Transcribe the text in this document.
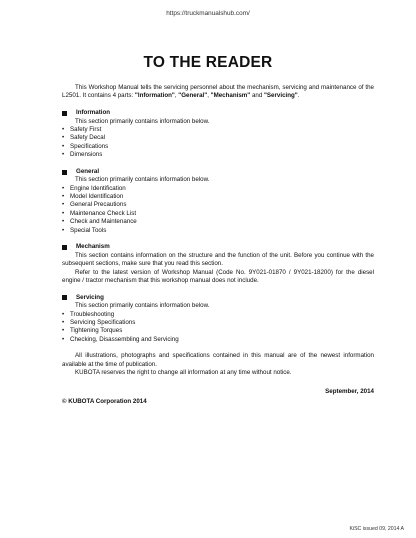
https://truckmanualshub.com/
TO THE READER

This Workshop Manual tells the servicing personnel about the mechanism, servicing and maintenance of the L2501. It contains 4 parts: "Information", "General", "Mechanism" and "Servicing".

Information

This section primarily contains information below.

• Safety First
• Safety Decal
• Specifications
• Dimensions
General

This section primarily contains information below.

• Engine Identification
• Model Identification
• General Precautions
• Maintenance Check List
• Check and Maintenance
• Special Tools
Mechanism

This section contains information on the structure and the function of the unit. Before you continue with the subsequent sections, make sure that you read this section.

Refer to the latest version of Workshop Manual (Code No. 9Y021-01870 / 9Y021-18200) for the diesel engine / tractor mechanism that this workshop manual does not include.

Servicing

This section primarily contains information below.

• Troubleshooting
• Servicing Specifications
• Tightening Torques
• Checking, Disassembling and Servicing

All illustrations, photographs and specifications contained in this manual are of the newest information available at the time of publication.

KUBOTA reserves the right to change all information at any time without notice.

September, 2014
© KUBOTA Corporation 2014
KiSC issued 09, 2014 A
